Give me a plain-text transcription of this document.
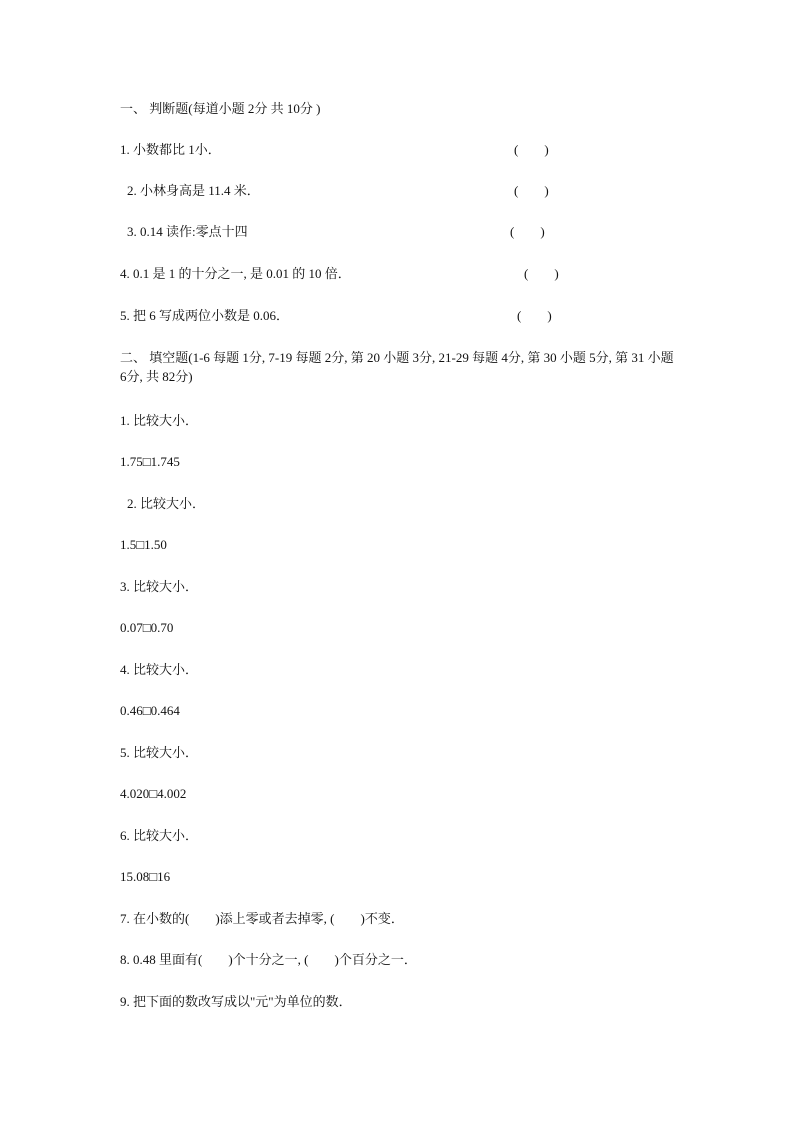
一、 判断题(每道小题 2分 共 10分 )
1. 小数都比 1小．	(        )
2. 小林身高是 11.4 米．	(        )
3. 0.14 读作:零点十四	(        )
4. 0.1 是 1 的十分之一, 是 0.01 的 10 倍．	(        )
5. 把 6 写成两位小数是 0.06．	(        )
二、 填空题(1-6 每题 1分, 7-19 每题 2分, 第 20 小题 3分, 21-29 每题 4分, 第 30 小题 5分, 第 31 小题 6分, 共 82分)
1. 比较大小．
1.75□1.745
2. 比较大小．
1.5□1.50
3. 比较大小．
0.07□0.70
4. 比较大小．
0.46□0.464
5. 比较大小．
4.020□4.002
6. 比较大小．
15.08□16
7. 在小数的(        )添上零或者去掉零, (        )不变．
8. 0.48 里面有(        )个十分之一, (        )个百分之一．
9. 把下面的数改写成以"元"为单位的数．
